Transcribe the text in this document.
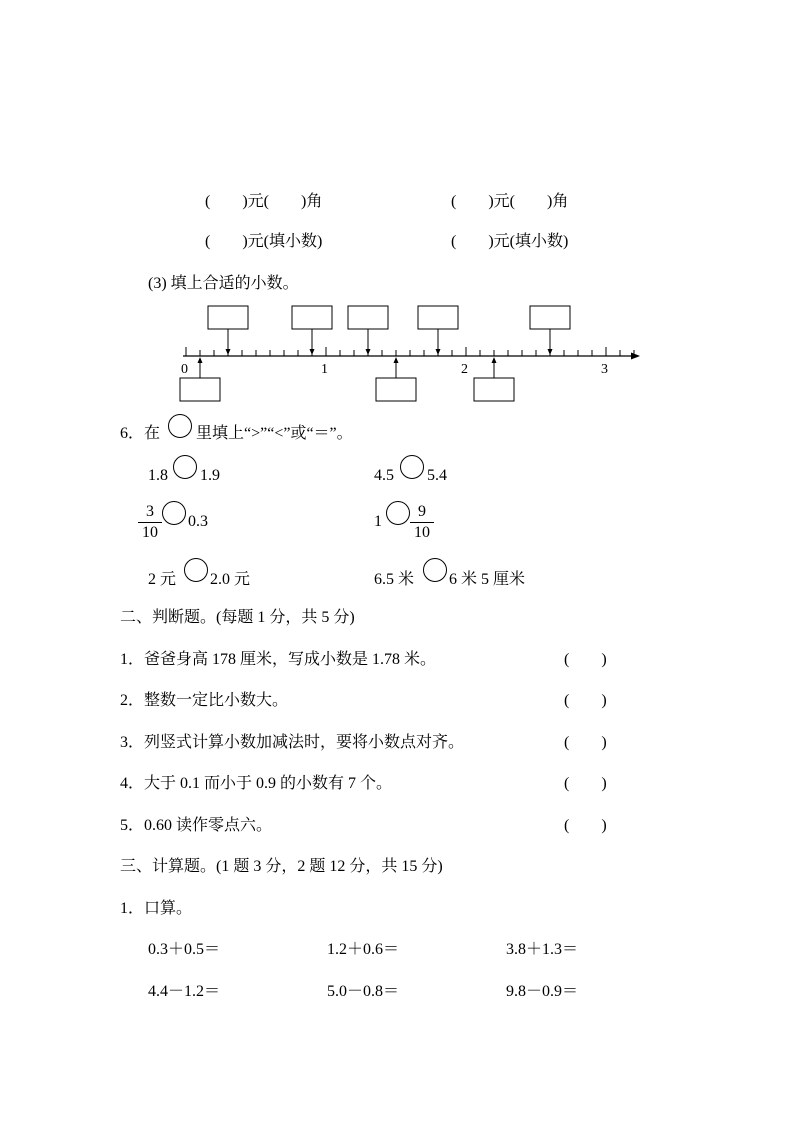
(        )元(        )角	(        )元(        )角
(        )元(填小数)	(        )元(填小数)
(3) 填上合适的小数。
0	1	2	3
6．在 里填上“>”“<”或“＝”。
1.8 1.9	4.5 5.4
$\frac{3}{10} 0.3$	$1 \frac{9}{10}$
2 元 2.0 元	6.5 米 6 米 5 厘米
二、判断题。(每题 1 分，共 5 分)
1．爸爸身高 178 厘米，写成小数是 1.78 米。	(        )
2．整数一定比小数大。	(        )
3．列竖式计算小数加减法时，要将小数点对齐。	(        )
4．大于 0.1 而小于 0.9 的小数有 7 个。	(        )
5．0.60 读作零点六。	(        )
三、计算题。(1 题 3 分，2 题 12 分，共 15 分)
1．口算。
0.3＋0.5＝	1.2＋0.6＝	3.8＋1.3＝
4.4－1.2＝	5.0－0.8＝	9.8－0.9＝
